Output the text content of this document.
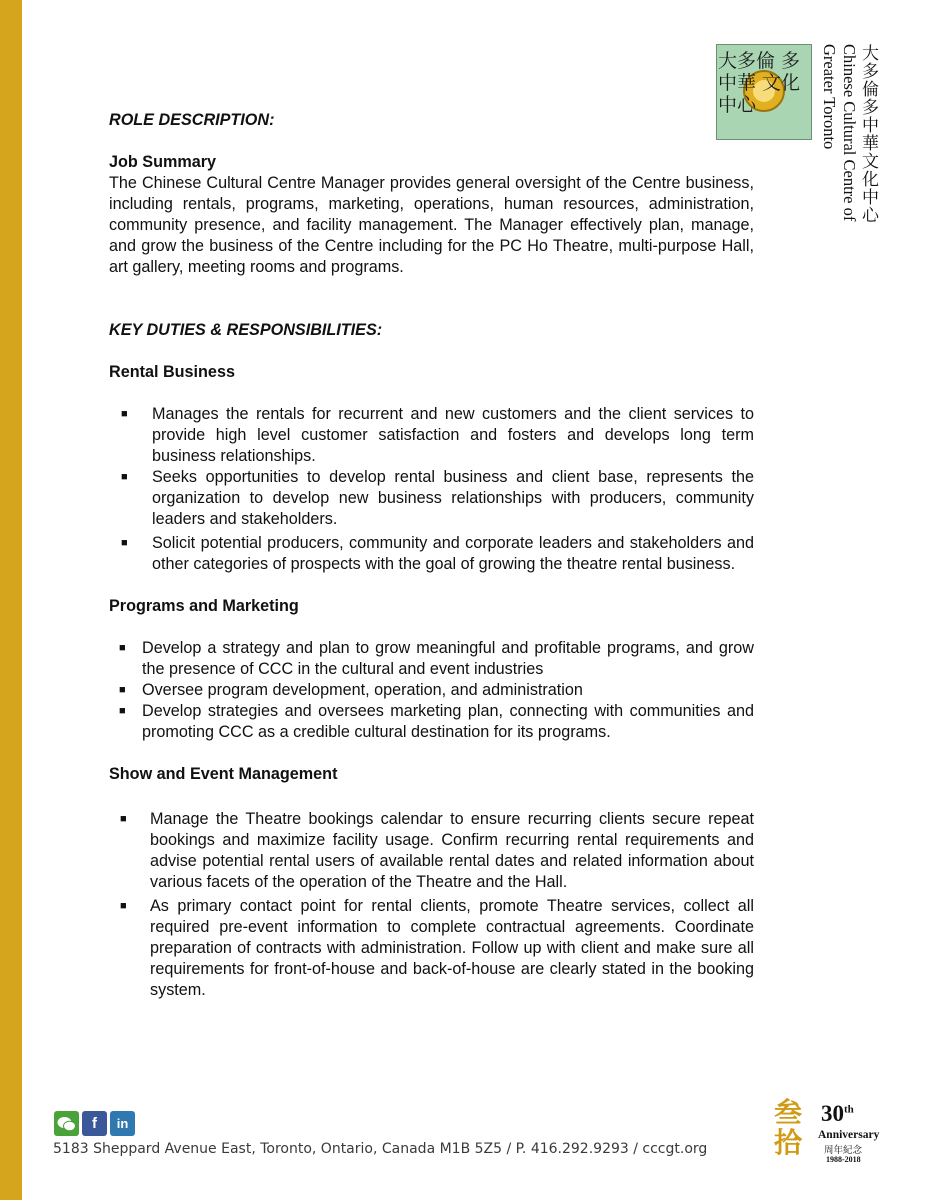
大多倫 多中華 文化中心	Chinese Cultural Centre of Greater Toronto	大多倫多中華文化中心

ROLE DESCRIPTION:

Job Summary

The Chinese Cultural Centre Manager provides general oversight of the Centre business, including rentals, programs, marketing, operations, human resources, administration, community presence, and facility management. The Manager effectively plan, manage, and grow the business of the Centre including for the PC Ho Theatre, multi-purpose Hall, art gallery, meeting rooms and programs.

KEY DUTIES & RESPONSIBILITIES:

Rental Business

■ Manages the rentals for recurrent and new customers and the client services to provide high level customer satisfaction and fosters and develops long term business relationships.
■ Seeks opportunities to develop rental business and client base, represents the organization to develop new business relationships with producers, community leaders and stakeholders.
■ Solicit potential producers, community and corporate leaders and stakeholders and other categories of prospects with the goal of growing the theatre rental business.

Programs and Marketing

■ Develop a strategy and plan to grow meaningful and profitable programs, and grow the presence of CCC in the cultural and event industries
■ Oversee program development, operation, and administration
■ Develop strategies and oversees marketing plan, connecting with communities and promoting CCC as a credible cultural destination for its programs.

Show and Event Management

■ Manage the Theatre bookings calendar to ensure recurring clients secure repeat bookings and maximize facility usage. Confirm recurring rental requirements and advise potential rental users of available rental dates and related information about various facets of the operation of the Theatre and the Hall.
■ As primary contact point for rental clients, promote Theatre services, collect all required pre-event information to complete contractual agreements. Coordinate preparation of contracts with administration. Follow up with client and make sure all requirements for front-of-house and back-of-house are clearly stated in the booking system.
f	in
5183 Sheppard Avenue East, Toronto, Ontario, Canada M1B 5Z5 / P. 416.292.9293 / cccgt.org
叁拾
30th
Anniversary
周年紀念
1988-2018
